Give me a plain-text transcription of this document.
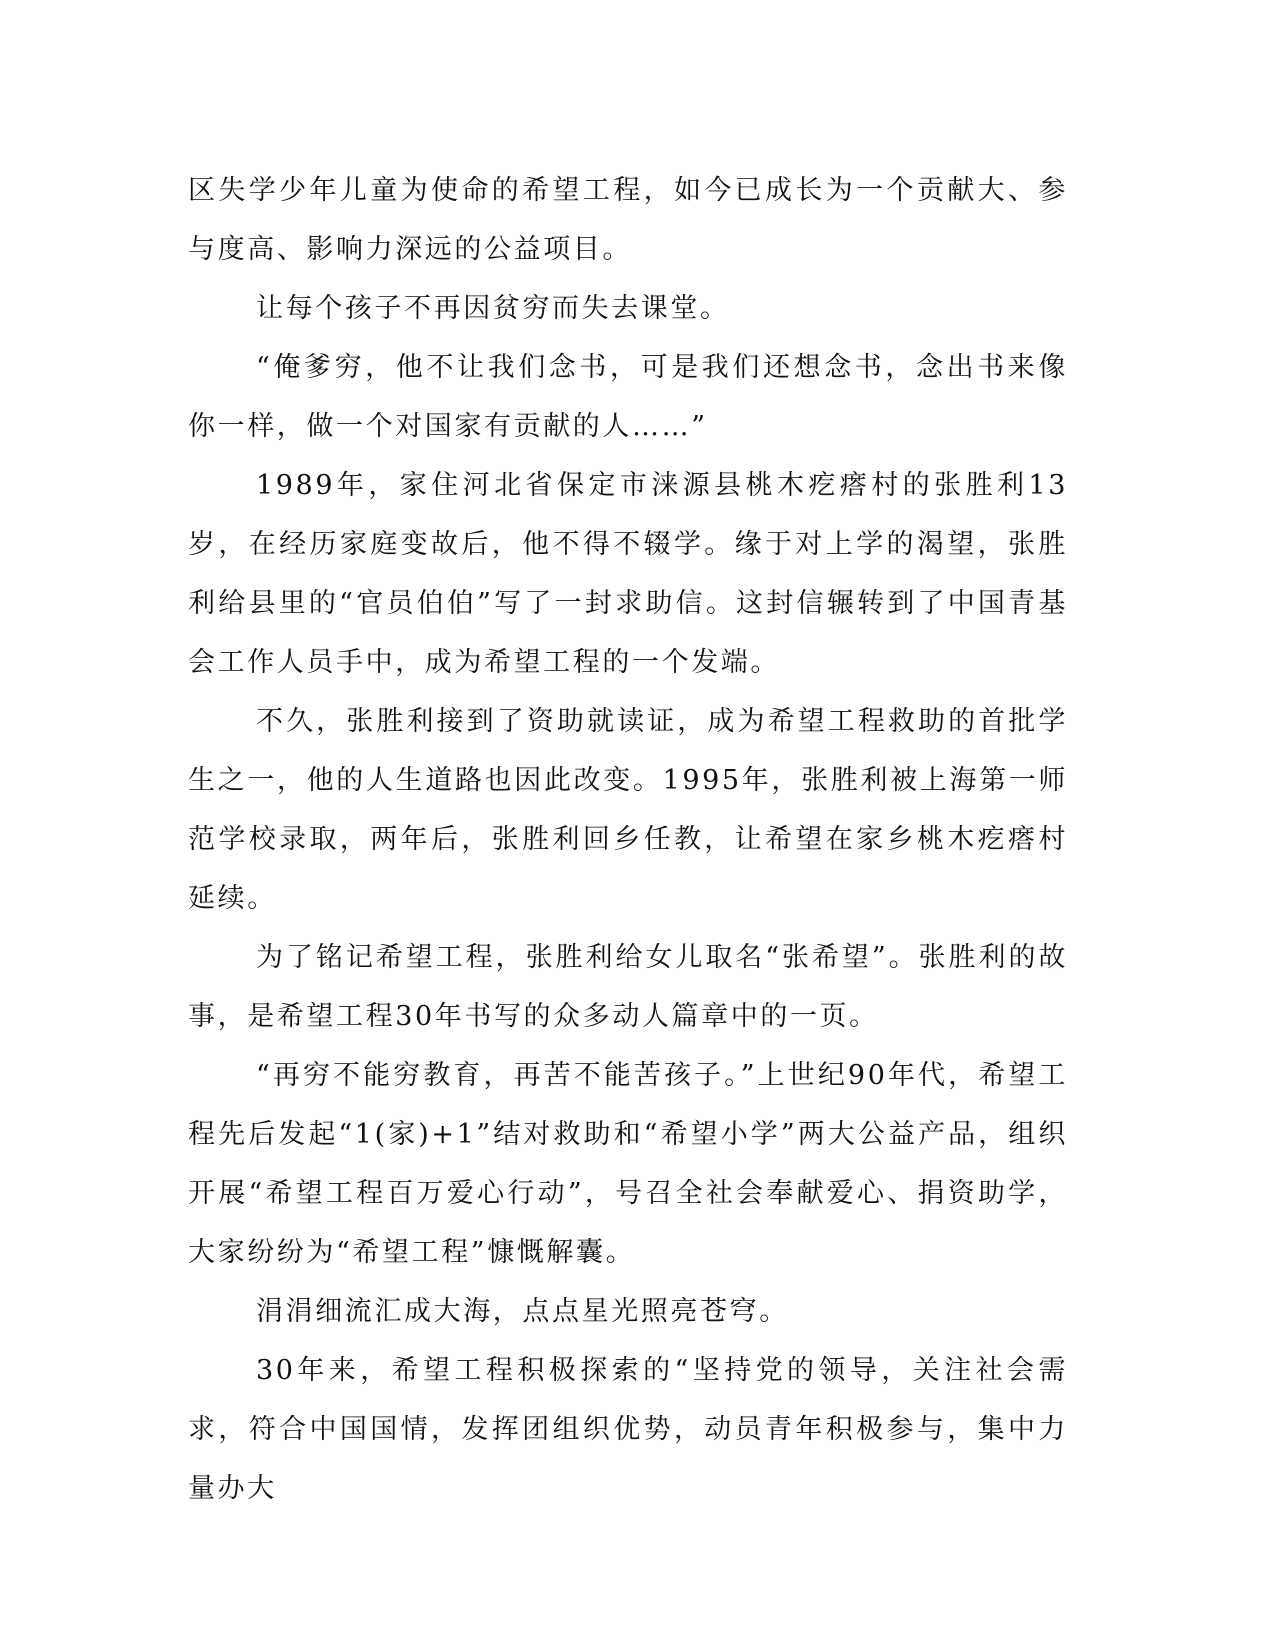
区失学少年儿童为使命的希望工程，如今已成长为一个贡献大、参与度高、影响力深远的公益项目。

让每个孩子不再因贫穷而失去课堂。

“俺爹穷，他不让我们念书，可是我们还想念书，念出书来像你一样，做一个对国家有贡献的人……”

1989年，家住河北省保定市涞源县桃木疙瘩村的张胜利13岁，在经历家庭变故后，他不得不辍学。缘于对上学的渴望，张胜利给县里的“官员伯伯”写了一封求助信。这封信辗转到了中国青基会工作人员手中，成为希望工程的一个发端。

不久，张胜利接到了资助就读证，成为希望工程救助的首批学生之一，他的人生道路也因此改变。1995年，张胜利被上海第一师范学校录取，两年后，张胜利回乡任教，让希望在家乡桃木疙瘩村延续。

为了铭记希望工程，张胜利给女儿取名“张希望”。张胜利的故事，是希望工程30年书写的众多动人篇章中的一页。

“再穷不能穷教育，再苦不能苦孩子。”上世纪90年代，希望工程先后发起“1(家)+1”结对救助和“希望小学”两大公益产品，组织开展“希望工程百万爱心行动”，号召全社会奉献爱心、捐资助学，大家纷纷为“希望工程”慷慨解囊。

涓涓细流汇成大海，点点星光照亮苍穹。

30年来，希望工程积极探索的“坚持党的领导，关注社会需求，符合中国国情，发挥团组织优势，动员青年积极参与，集中力量办大
